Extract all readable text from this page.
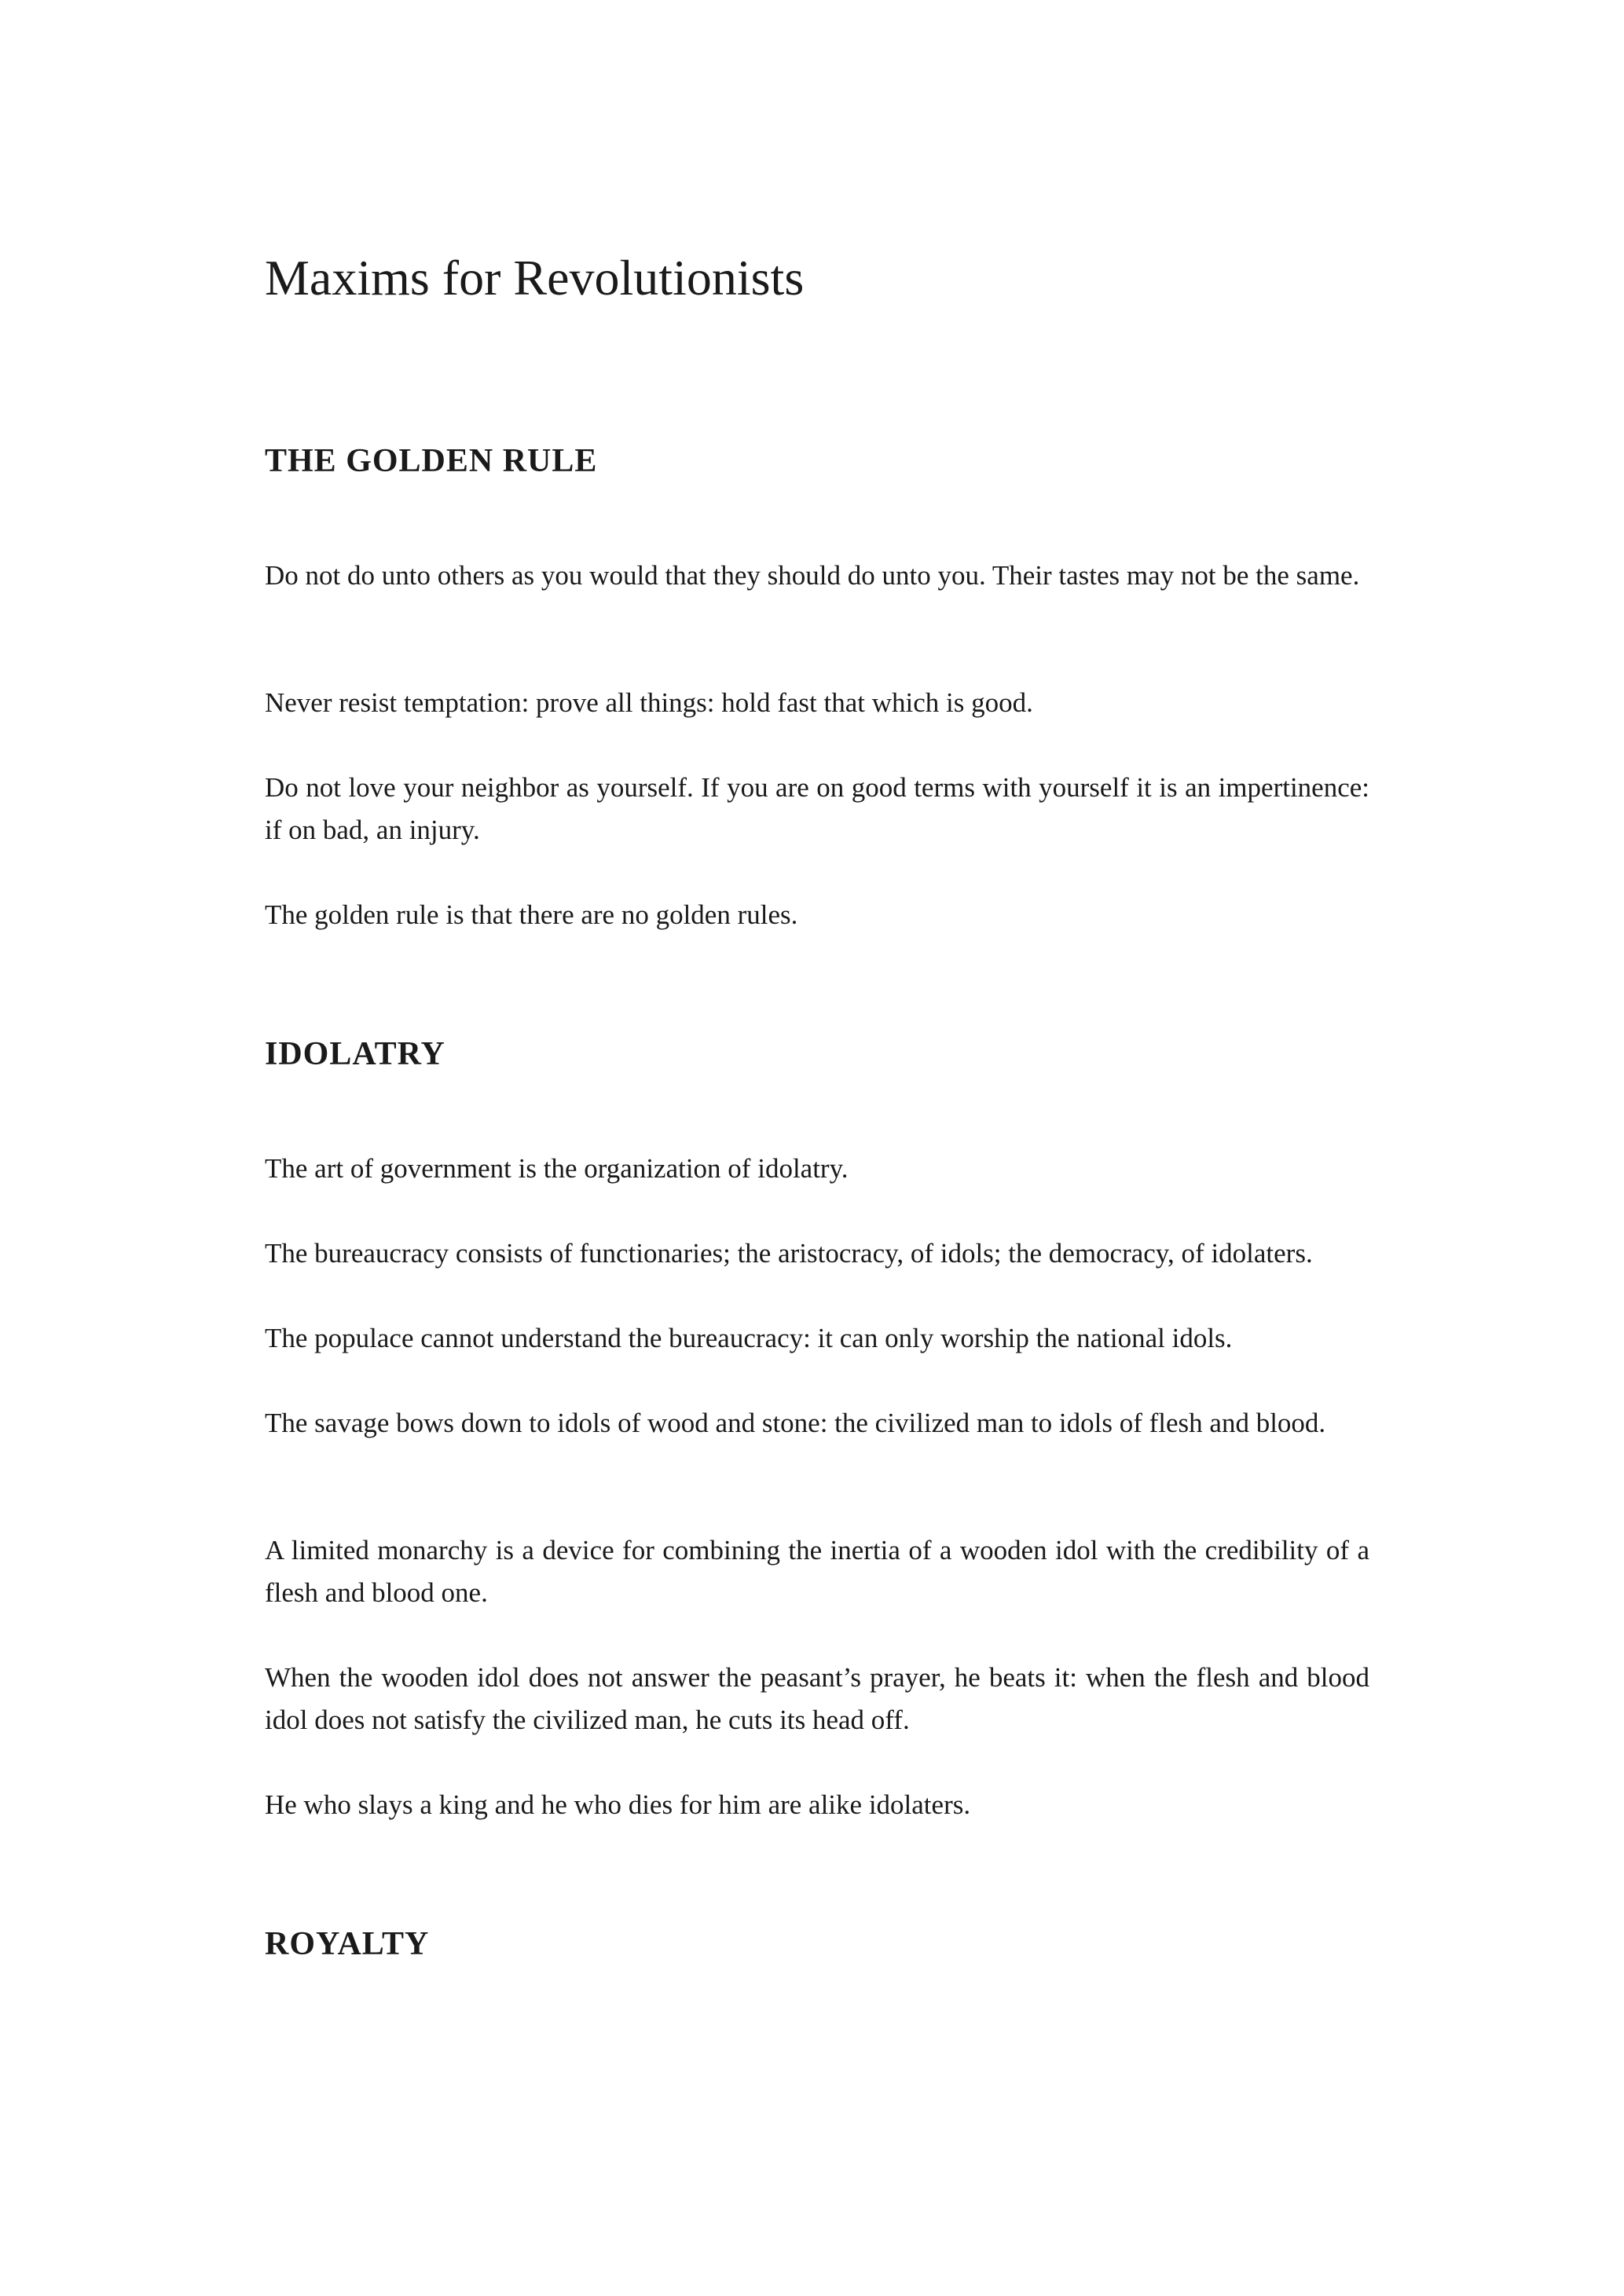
Maxims for Revolutionists
THE GOLDEN RULE

Do not do unto others as you would that they should do unto you. Their tastes may not be the same.

Never resist temptation: prove all things: hold fast that which is good.

Do not love your neighbor as yourself. If you are on good terms with yourself it is an impertinence: if on bad, an injury.

The golden rule is that there are no golden rules.

IDOLATRY

The art of government is the organization of idolatry.

The bureaucracy consists of functionaries; the aristocracy, of idols; the democracy, of idolaters.

The populace cannot understand the bureaucracy: it can only worship the national idols.

The savage bows down to idols of wood and stone: the civilized man to idols of flesh and blood.

A limited monarchy is a device for combining the inertia of a wooden idol with the credibility of a flesh and blood one.

When the wooden idol does not answer the peasant’s prayer, he beats it: when the flesh and blood idol does not satisfy the civilized man, he cuts its head off.

He who slays a king and he who dies for him are alike idolaters.

ROYALTY
